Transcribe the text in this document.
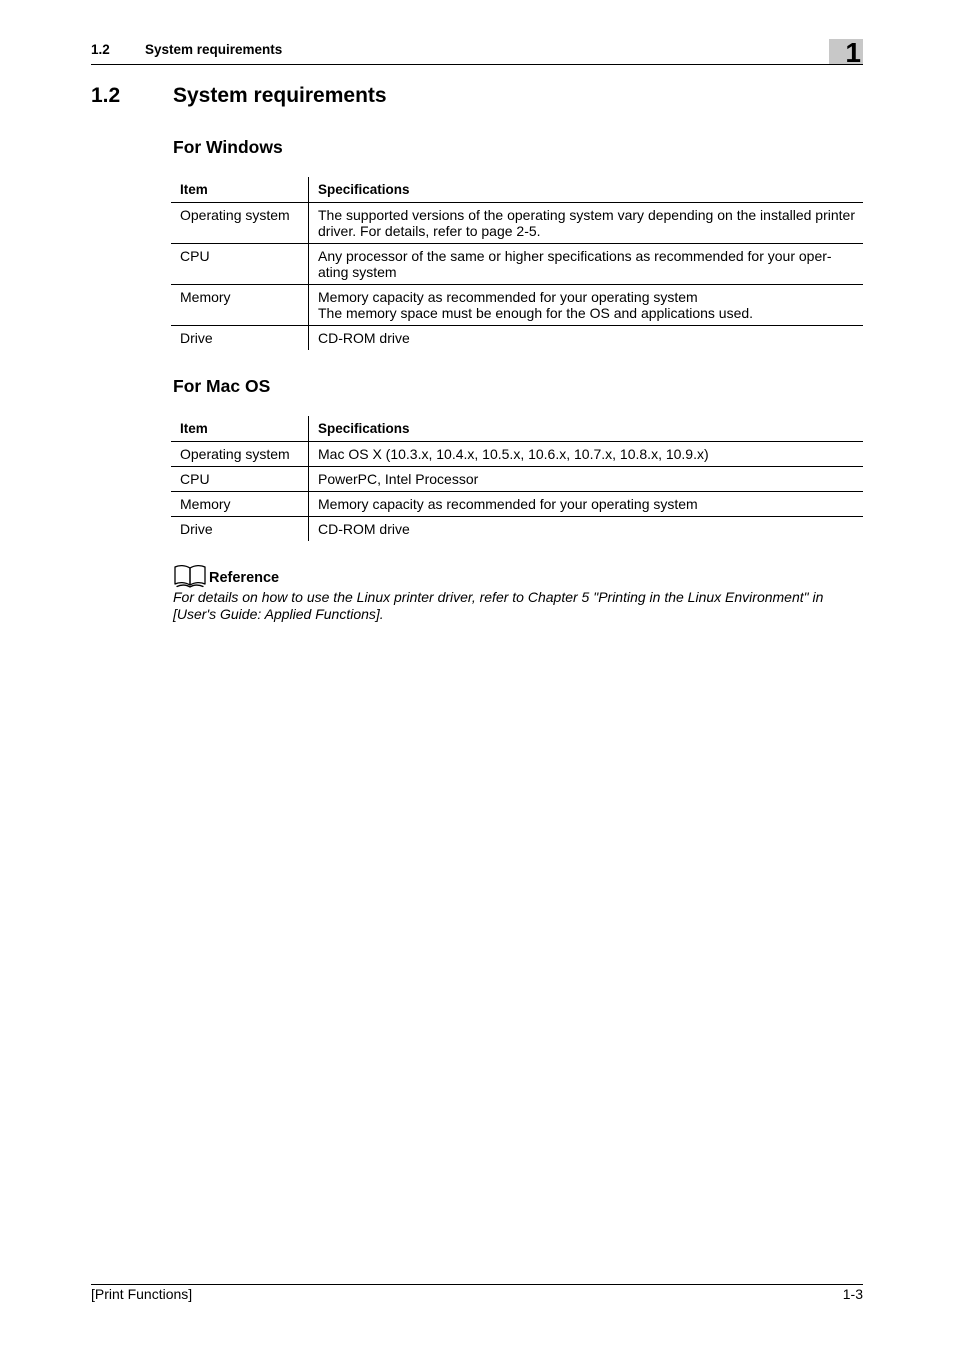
1.2	System requirements	1
1.2	System requirements
For Windows
Item	Specifications
Operating system	The supported versions of the operating system vary depending on the installed printer driver. For details, refer to page 2-5.
CPU	Any processor of the same or higher specifications as recommended for your oper-ating system
Memory	Memory capacity as recommended for your operating system
The memory space must be enough for the OS and applications used.

Drive	CD-ROM drive
For Mac OS
Item	Specifications
Operating system	Mac OS X (10.3.x, 10.4.x, 10.5.x, 10.6.x, 10.7.x, 10.8.x, 10.9.x)
CPU	PowerPC, Intel Processor
Memory	Memory capacity as recommended for your operating system
Drive	CD-ROM drive
Reference
For details on how to use the Linux printer driver, refer to Chapter 5 "Printing in the Linux Environment" in [User's Guide: Applied Functions].
[Print Functions]	1-3
